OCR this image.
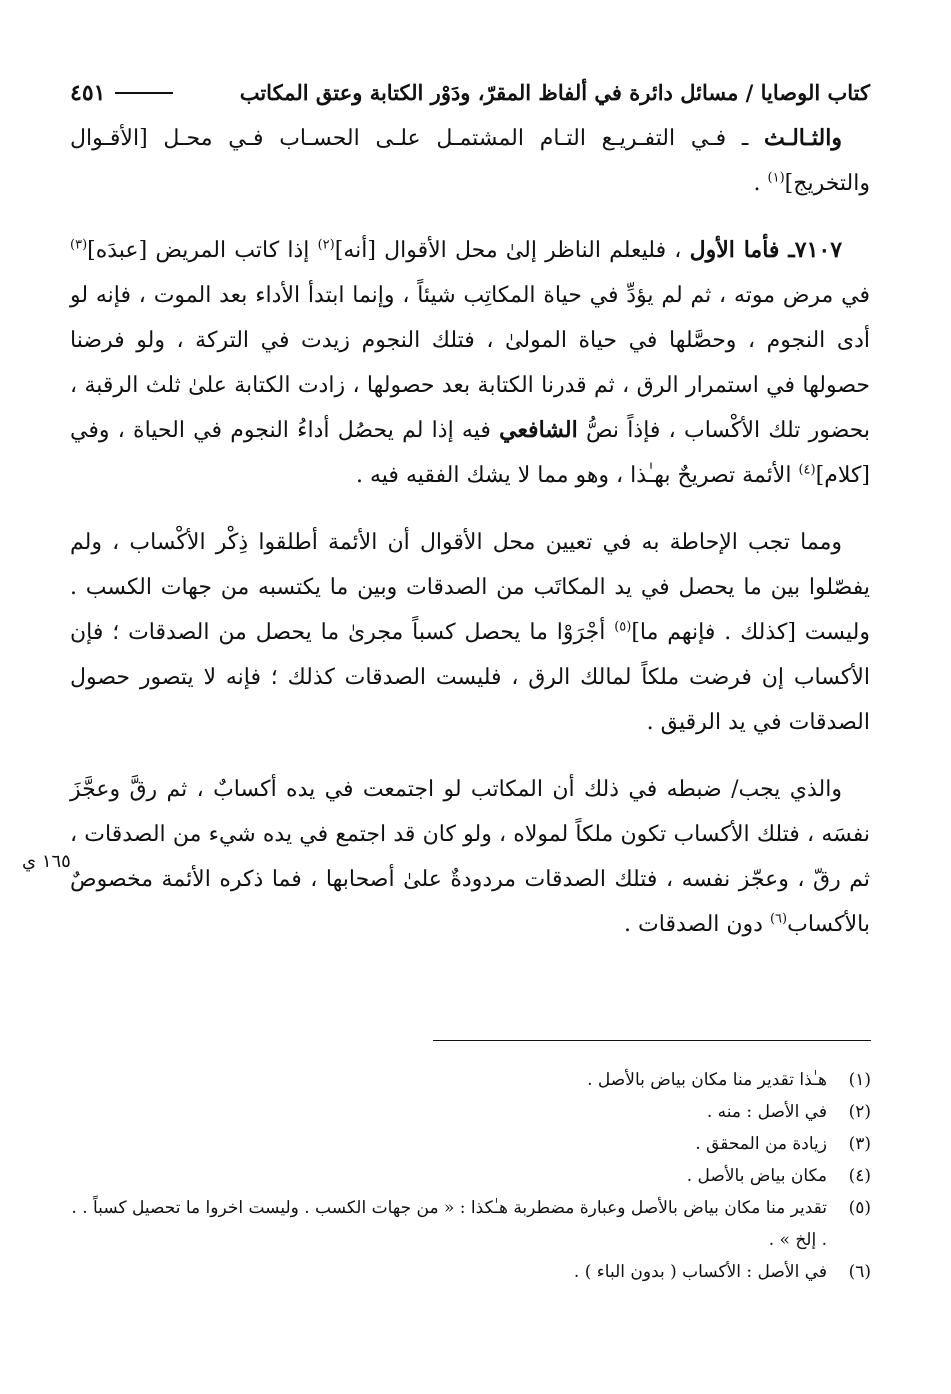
كتاب الوصايا / مسائل دائرة في ألفاظ المقرّ، ودَوْر الكتابة وعتق المكاتب
٤٥١

والثـالـث ـ فـي التفـريـع التـام المشتمـل علـى الحسـاب فـي محـل [الأقـوال والتخريج]$^{(١)}$ .

٧١٠٧ـ فأما الأول ، فليعلم الناظر إلىٰ محل الأقوال [أنه]$^{(٢)}$ إذا كاتب المريض [عبدَه]$^{(٣)}$ في مرض موته ، ثم لم يؤدِّ في حياة المكاتِب شيئاً ، وإنما ابتدأ الأداء بعد الموت ، فإنه لو أدى النجوم ، وحصَّلها في حياة المولىٰ ، فتلك النجوم زيدت في التركة ، ولو فرضنا حصولها في استمرار الرق ، ثم قدرنا الكتابة بعد حصولها ، زادت الكتابة علىٰ ثلث الرقبة ، بحضور تلك الأكْساب ، فإذاً نصُّ الشافعي فيه إذا لم يحصُل أداءُ النجوم في الحياة ، وفي [كلام]$^{(٤)}$ الأئمة تصريحٌ بهـٰذا ، وهو مما لا يشك الفقيه فيه .

ومما تجب الإحاطة به في تعيين محل الأقوال أن الأئمة أطلقوا ذِكْر الأكْساب ، ولم يفصّلوا بين ما يحصل في يد المكاتَب من الصدقات وبين ما يكتسبه من جهات الكسب . وليست [كذلك . فإنهم ما]$^{(٥)}$ أجْرَوْا ما يحصل كسباً مجرىٰ ما يحصل من الصدقات ؛ فإن الأكساب إن فرضت ملكاً لمالك الرق ، فليست الصدقات كذلك ؛ فإنه لا يتصور حصول الصدقات في يد الرقيق .

والذي يجب/ ضبطه في ذلك أن المكاتب لو اجتمعت في يده أكسابٌ ، ثم رقَّ وعجَّزَ نفسَه ، فتلك الأكساب تكون ملكاً لمولاه ، ولو كان قد اجتمع في يده شيء من الصدقات ، ثم رقّ ، وعجّز نفسه ، فتلك الصدقات مردودةٌ علىٰ أصحابها ، فما ذكره الأئمة مخصوصٌ بالأكساب$^{(٦)}$ دون الصدقات .

١٦٥ ي
(١)
هـٰذا تقدير منا مكان بياض بالأصل .
(٢)
في الأصل : منه .
(٣)
زيادة من المحقق .
(٤)
مكان بياض بالأصل .
(٥)
تقدير منا مكان بياض بالأصل وعبارة مضطربة هـٰكذا : « من جهات الكسب . وليست اخروا ما تحصيل كسباً . . . إلخ » .
(٦)
في الأصل : الأكساب ( بدون الباء ) .
